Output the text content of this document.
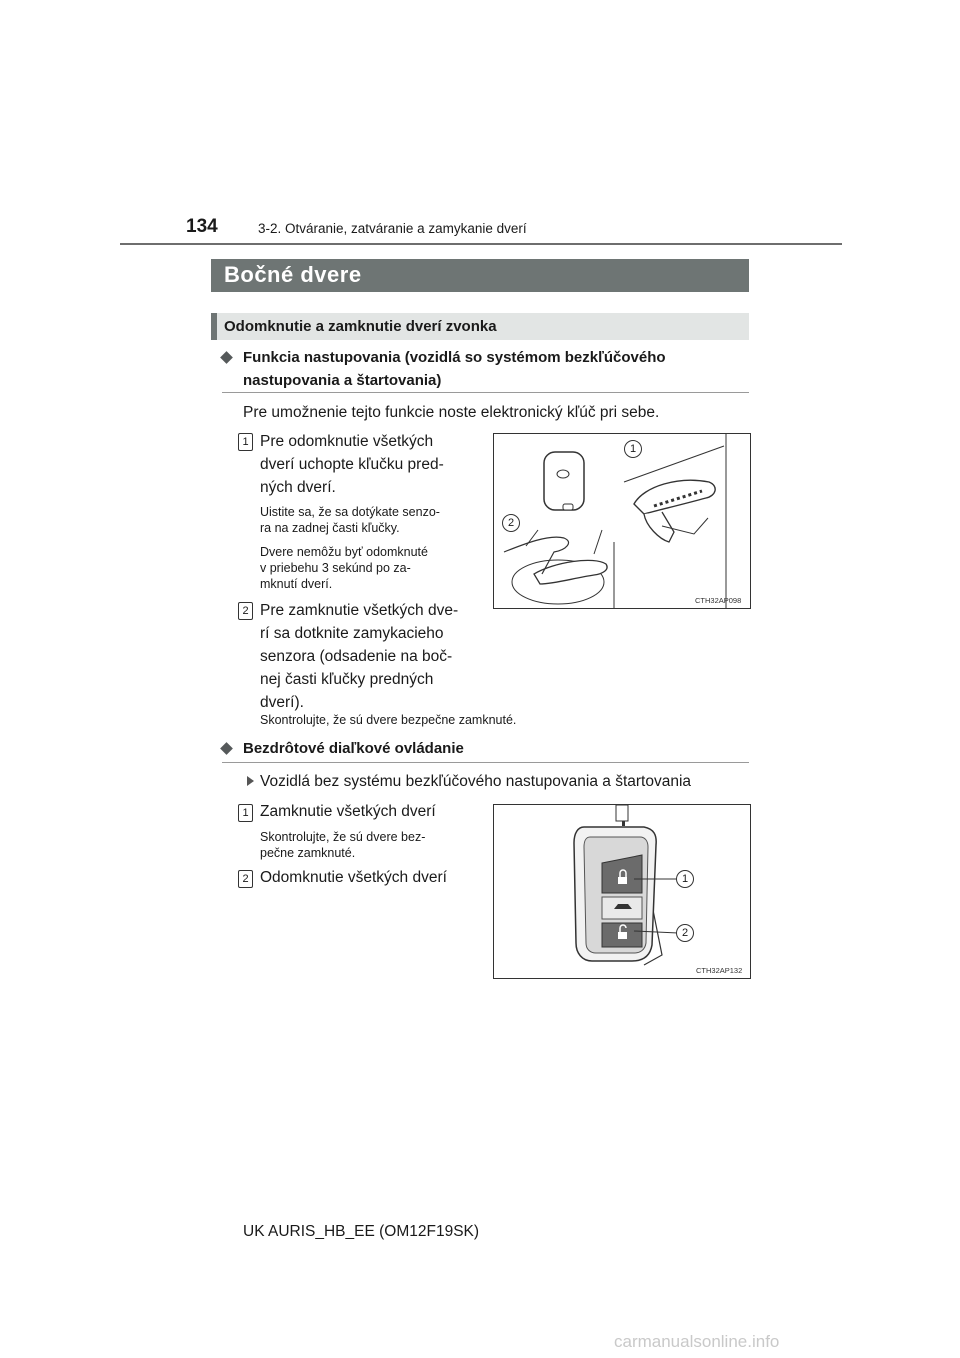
134	3-2. Otváranie, zatváranie a zamykanie dverí
Bočné dvere
Odomknutie a zamknutie dverí zvonka
Funkcia nastupovania (vozidlá so systémom bezkľúčového
nastupovania a štartovania)
Pre umožnenie tejto funkcie noste elektronický kľúč pri sebe.
1 Pre odomknutie všetkých
dverí uchopte kľučku pred-
ných dverí.
Uistite sa, že sa dotýkate senzo-
ra na zadnej časti kľučky.
Dvere nemôžu byť odomknuté
v priebehu 3 sekúnd po za-
mknutí dverí.
2 Pre zamknutie všetkých dve-
rí sa dotknite zamykacieho
senzora (odsadenie na boč-
nej časti kľučky predných
dverí).
Skontrolujte, že sú dvere bezpečne zamknuté.
1
2
CTH32AP098
Bezdrôtové diaľkové ovládanie
Vozidlá bez systému bezkľúčového nastupovania a štartovania
1 Zamknutie všetkých dverí
Skontrolujte, že sú dvere bez-
pečne zamknuté.
2 Odomknutie všetkých dverí	1
2
CTH32AP132
UK AURIS_HB_EE (OM12F19SK)
carmanualsonline.info
